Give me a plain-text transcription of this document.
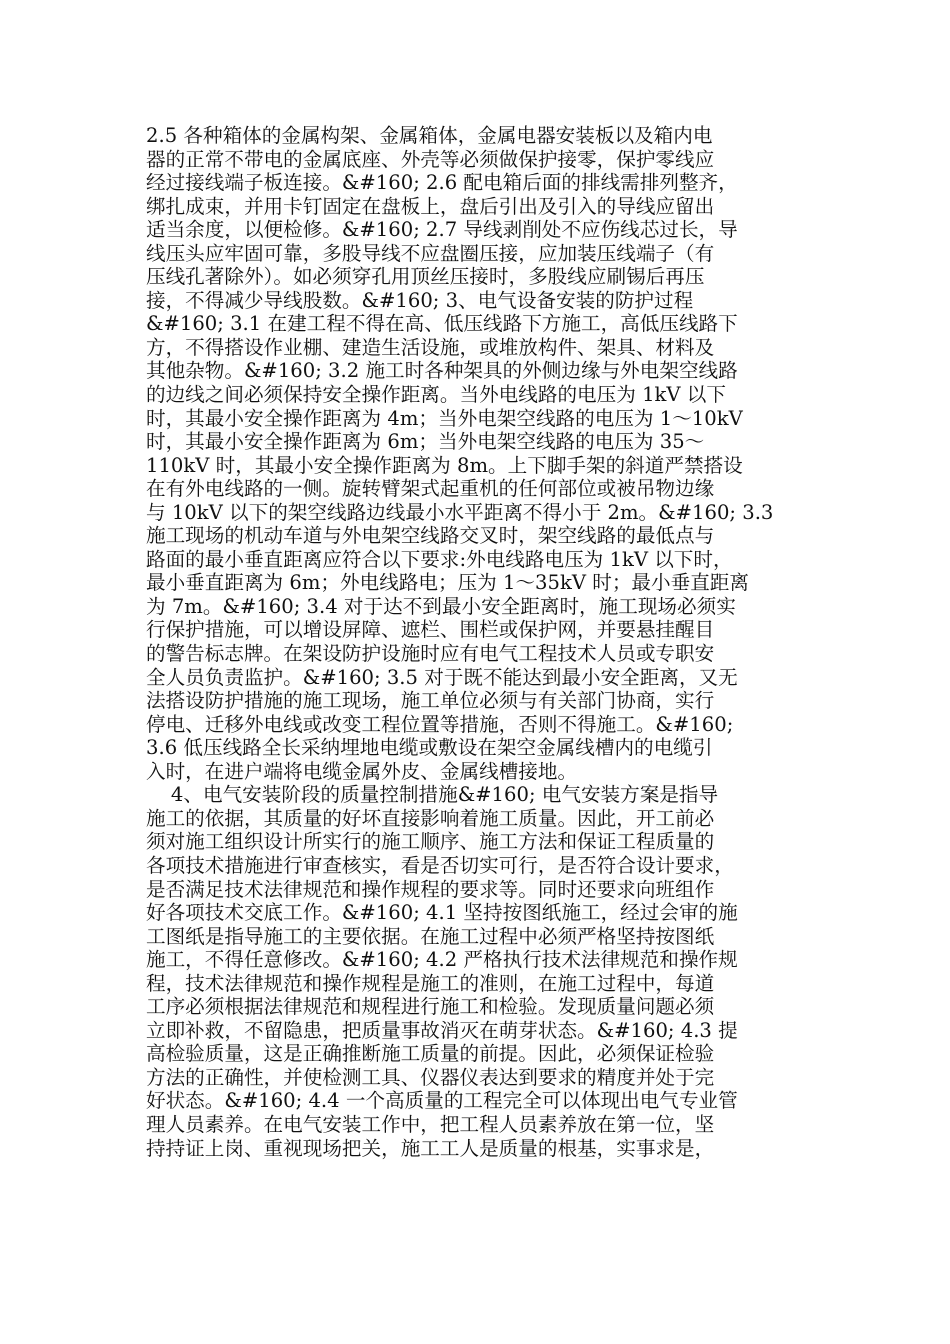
2.5 各种箱体的金属构架、金属箱体，金属电器安装板以及箱内电
器的正常不带电的金属底座、外壳等必须做保护接零，保护零线应
经过接线端子板连接。&#160; 2.6 配电箱后面的排线需排列整齐，
绑扎成束，并用卡钉固定在盘板上，盘后引出及引入的导线应留出
适当余度，以便检修。&#160; 2.7 导线剥削处不应伤线芯过长，导
线压头应牢固可靠，多股导线不应盘圈压接，应加装压线端子（有
压线孔著除外）。如必须穿孔用顶丝压接时，多股线应刷锡后再压
接，不得减少导线股数。&#160; 3、电气设备安装的防护过程
&#160; 3.1 在建工程不得在高、低压线路下方施工，高低压线路下
方，不得搭设作业棚、建造生活设施，或堆放构件、架具、材料及
其他杂物。&#160; 3.2 施工时各种架具的外侧边缘与外电架空线路
的边线之间必须保持安全操作距离。当外电线路的电压为 1kV 以下
时，其最小安全操作距离为 4m；当外电架空线路的电压为 1～10kV
时，其最小安全操作距离为 6m；当外电架空线路的电压为 35～
110kV 时，其最小安全操作距离为 8m。上下脚手架的斜道严禁搭设
在有外电线路的一侧。旋转臂架式起重机的任何部位或被吊物边缘
与 10kV 以下的架空线路边线最小水平距离不得小于 2m。&#160; 3.3
施工现场的机动车道与外电架空线路交叉时，架空线路的最低点与
路面的最小垂直距离应符合以下要求:外电线路电压为 1kV 以下时，
最小垂直距离为 6m；外电线路电；压为 1～35kV 时；最小垂直距离
为 7m。&#160; 3.4 对于达不到最小安全距离时，施工现场必须实
行保护措施，可以增设屏障、遮栏、围栏或保护网，并要悬挂醒目
的警告标志牌。在架设防护设施时应有电气工程技术人员或专职安
全人员负责监护。&#160; 3.5 对于既不能达到最小安全距离，又无
法搭设防护措施的施工现场，施工单位必须与有关部门协商，实行
停电、迁移外电线或改变工程位置等措施，否则不得施工。&#160;
3.6 低压线路全长采纳埋地电缆或敷设在架空金属线槽内的电缆引
入时，在进户端将电缆金属外皮、金属线槽接地。
4、电气安装阶段的质量控制措施&#160; 电气安装方案是指导
施工的依据，其质量的好坏直接影响着施工质量。因此，开工前必
须对施工组织设计所实行的施工顺序、施工方法和保证工程质量的
各项技术措施进行审查核实，看是否切实可行，是否符合设计要求，
是否满足技术法律规范和操作规程的要求等。同时还要求向班组作
好各项技术交底工作。&#160; 4.1 坚持按图纸施工，经过会审的施
工图纸是指导施工的主要依据。在施工过程中必须严格坚持按图纸
施工，不得任意修改。&#160; 4.2 严格执行技术法律规范和操作规
程，技术法律规范和操作规程是施工的准则，在施工过程中，每道
工序必须根据法律规范和规程进行施工和检验。发现质量问题必须
立即补救，不留隐患，把质量事故消灭在萌芽状态。&#160; 4.3 提
高检验质量，这是正确推断施工质量的前提。因此，必须保证检验
方法的正确性，并使检测工具、仪器仪表达到要求的精度并处于完
好状态。&#160; 4.4 一个高质量的工程完全可以体现出电气专业管
理人员素养。在电气安装工作中，把工程人员素养放在第一位，坚
持持证上岗、重视现场把关，施工工人是质量的根基，实事求是，
